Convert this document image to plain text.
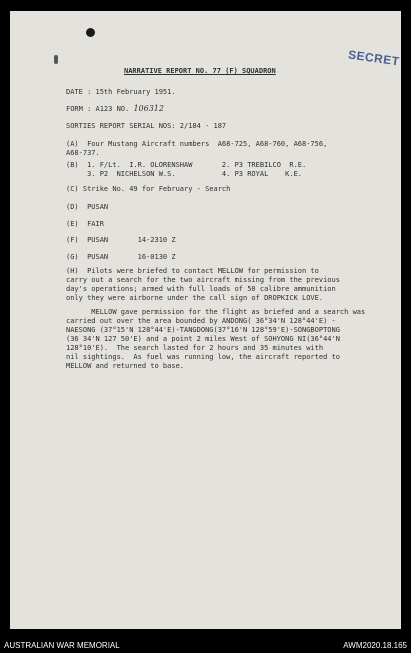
SECRET
NARRATIVE REPORT NO. 77 (F) SQUADRON
DATE : 15th February 1951.
FORM : A123 NO. 106312
SORTIES REPORT SERIAL NOS: 2/184 - 187
(A)  Four Mustang Aircraft numbers  A68-725, A68-760, A68-756,
A68-737.
(B)  1. F/Lt.  I.R. OLORENSHAW       2. P3 TREBILCO  R.E.
3. P2  NICHELSON W.S.           4. P3 ROYAL    K.E.
(C) Strike No. 49 for February - Search
(D)  PUSAN
(E)  FAIR
(F)  PUSAN       14-2310 Z
(G)  PUSAN       16-0130 Z
(H)  Pilots were briefed to contact MELLOW for permission to
carry out a search for the two aircraft missing from the previous
day's operations; armed with full loads of 50 calibre ammunition
only they were airborne under the call sign of DROPKICK LOVE.
MELLOW gave permission for the flight as briefed and a search was
carried out over the area bounded by ANDONG( 36°34'N 128°44'E) -
NAESONG (37°15'N 128°44'E)-TANGDONG(37°16'N 128°59'E)-SONGBOPTONG
(36 34'N 127 50'E) and a point 2 miles West of SOHYONG NI(36°44'N
128°10'E).  The search lasted for 2 hours and 35 minutes with
nil sightings.  As fuel was running low, the aircraft reported to
MELLOW and returned to base.
AUSTRALIAN WAR MEMORIAL	AWM2020.18.165
